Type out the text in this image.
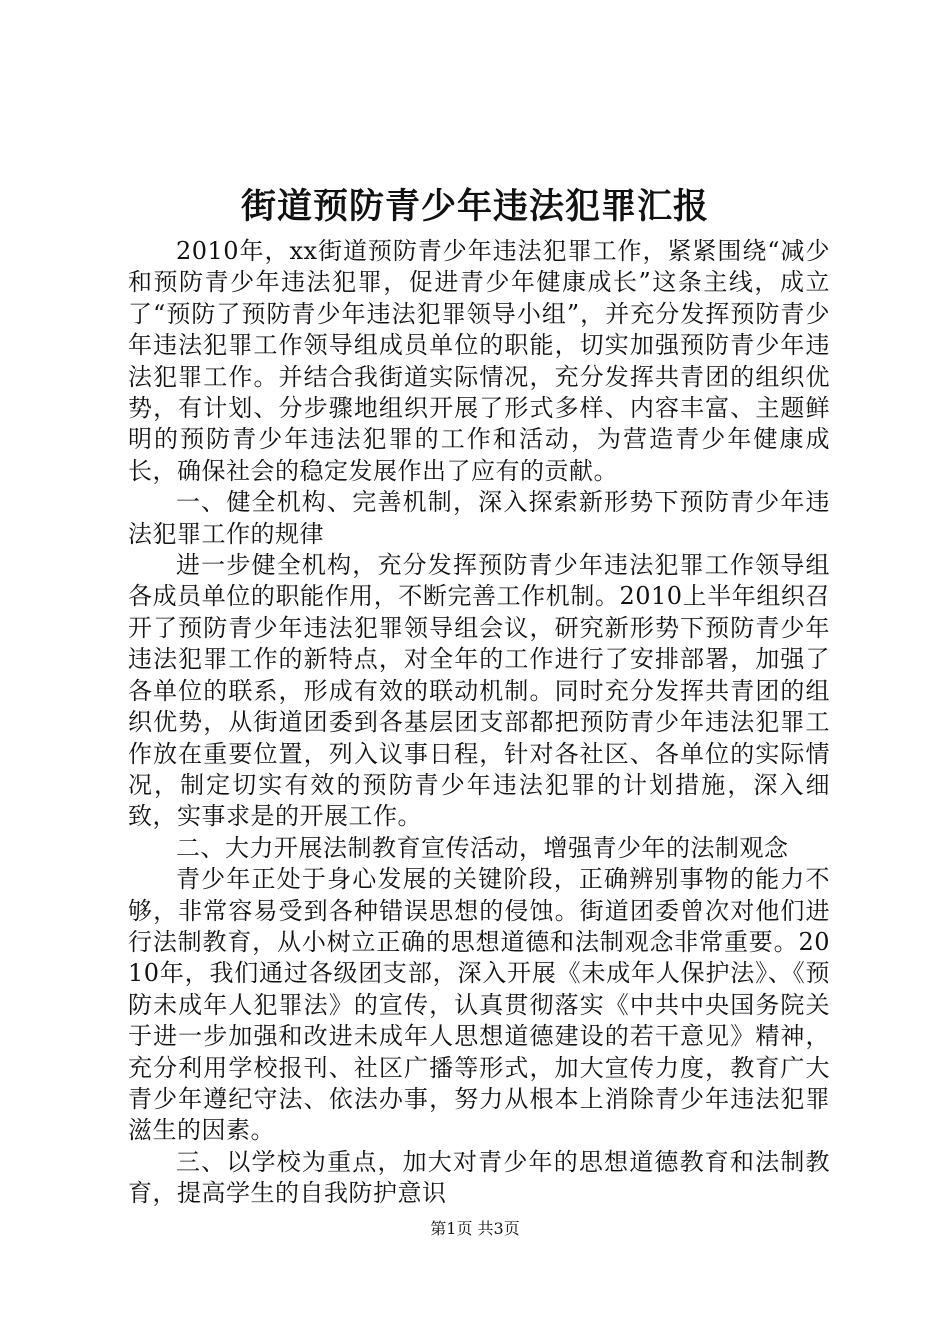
街道预防青少年违法犯罪汇报

2010年，xx街道预防青少年违法犯罪工作，紧紧围绕“减少和预防青少年违法犯罪，促进青少年健康成长”这条主线，成立了“预防了预防青少年违法犯罪领导小组”，并充分发挥预防青少年违法犯罪工作领导组成员单位的职能，切实加强预防青少年违法犯罪工作。并结合我街道实际情况，充分发挥共青团的组织优势，有计划、分步骤地组织开展了形式多样、内容丰富、主题鲜明的预防青少年违法犯罪的工作和活动，为营造青少年健康成长，确保社会的稳定发展作出了应有的贡献。

一、健全机构、完善机制，深入探索新形势下预防青少年违法犯罪工作的规律

进一步健全机构，充分发挥预防青少年违法犯罪工作领导组各成员单位的职能作用，不断完善工作机制。2010上半年组织召开了预防青少年违法犯罪领导组会议，研究新形势下预防青少年违法犯罪工作的新特点，对全年的工作进行了安排部署，加强了各单位的联系，形成有效的联动机制。同时充分发挥共青团的组织优势，从街道团委到各基层团支部都把预防青少年违法犯罪工作放在重要位置，列入议事日程，针对各社区、各单位的实际情况，制定切实有效的预防青少年违法犯罪的计划措施，深入细致，实事求是的开展工作。

二、大力开展法制教育宣传活动，增强青少年的法制观念

青少年正处于身心发展的关键阶段，正确辨别事物的能力不够，非常容易受到各种错误思想的侵蚀。街道团委曾次对他们进行法制教育，从小树立正确的思想道德和法制观念非常重要。2010年，我们通过各级团支部，深入开展《未成年人保护法》、《预防未成年人犯罪法》的宣传，认真贯彻落实《中共中央国务院关于进一步加强和改进未成年人思想道德建设的若干意见》精神，充分利用学校报刊、社区广播等形式，加大宣传力度，教育广大青少年遵纪守法、依法办事，努力从根本上消除青少年违法犯罪滋生的因素。

三、以学校为重点，加大对青少年的思想道德教育和法制教育，提高学生的自我防护意识

第1页 共3页
